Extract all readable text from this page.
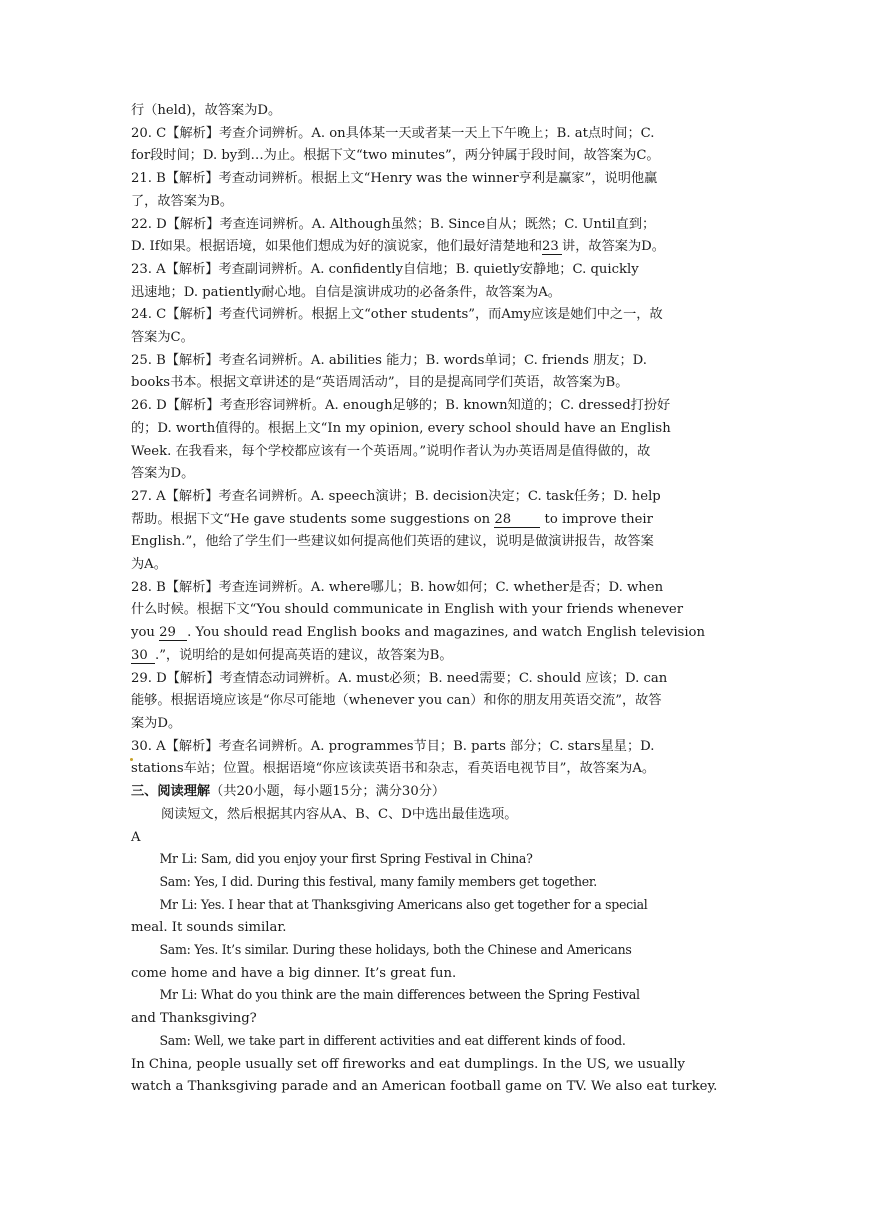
行（held)，故答案为D。
20. C【解析】考查介词辨析。A. on具体某一天或者某一天上下午晚上；B. at点时间；C.
for段时间；D. by到…为止。根据下文“two minutes”，两分钟属于段时间，故答案为C。
21. B【解析】考查动词辨析。根据上文“Henry was the winner亨利是赢家”，说明他赢
了，故答案为B。
22. D【解析】考查连词辨析。A. Although虽然；B. Since自从；既然；C. Until直到；
D. If如果。根据语境，如果他们想成为好的演说家，他们最好清楚地和23 讲，故答案为D。
23. A【解析】考查副词辨析。A. confidently自信地；B. quietly安静地；C. quickly
迅速地；D. patiently耐心地。自信是演讲成功的必备条件，故答案为A。
24. C【解析】考查代词辨析。根据上文“other students”，而Amy应该是她们中之一，故
答案为C。
25. B【解析】考查名词辨析。A. abilities 能力；B. words单词；C. friends 朋友；D.
books书本。根据文章讲述的是“英语周活动”，目的是提高同学们英语，故答案为B。
26. D【解析】考查形容词辨析。A. enough足够的；B. known知道的；C. dressed打扮好
的；D. worth值得的。根据上文“In my opinion, every school should have an English
Week. 在我看来，每个学校都应该有一个英语周。”说明作者认为办英语周是值得做的，故
答案为D。
27. A【解析】考查名词辨析。A. speech演讲；B. decision决定；C. task任务；D. help
帮助。根据下文“He gave students some suggestions on 28	to improve their
English.”，他给了学生们一些建议如何提高他们英语的建议，说明是做演讲报告，故答案
为A。
28. B【解析】考查连词辨析。A. where哪儿；B. how如何；C. whether是否；D. when
什么时候。根据下文“You should communicate in English with your friends whenever
you 29 . You should read English books and magazines, and watch English television
30 .”，说明给的是如何提高英语的建议，故答案为B。
29. D【解析】考查情态动词辨析。A. must必须；B. need需要；C. should 应该；D. can
能够。根据语境应该是“你尽可能地（whenever you can）和你的朋友用英语交流”，故答
案为D。
30. A【解析】考查名词辨析。A. programmes节目；B. parts 部分；C. stars星星；D.
stations车站；位置。根据语境“你应该读英语书和杂志，看英语电视节目”，故答案为A。
三、阅读理解（共20小题，每小题15分；满分30分）
阅读短文，然后根据其内容从A、B、C、D中选出最佳选项。
A
Mr Li: Sam, did you enjoy your first Spring Festival in China?
Sam: Yes, I did. During this festival, many family members get together.
Mr Li: Yes. I hear that at Thanksgiving Americans also get together for a special
meal. It sounds similar.
Sam: Yes. It’s similar. During these holidays, both the Chinese and Americans
come home and have a big dinner. It’s great fun.
Mr Li: What do you think are the main differences between the Spring Festival
and Thanksgiving?
Sam: Well, we take part in different activities and eat different kinds of food.
In China, people usually set off fireworks and eat dumplings. In the US, we usually
watch a Thanksgiving parade and an American football game on TV. We also eat turkey.
